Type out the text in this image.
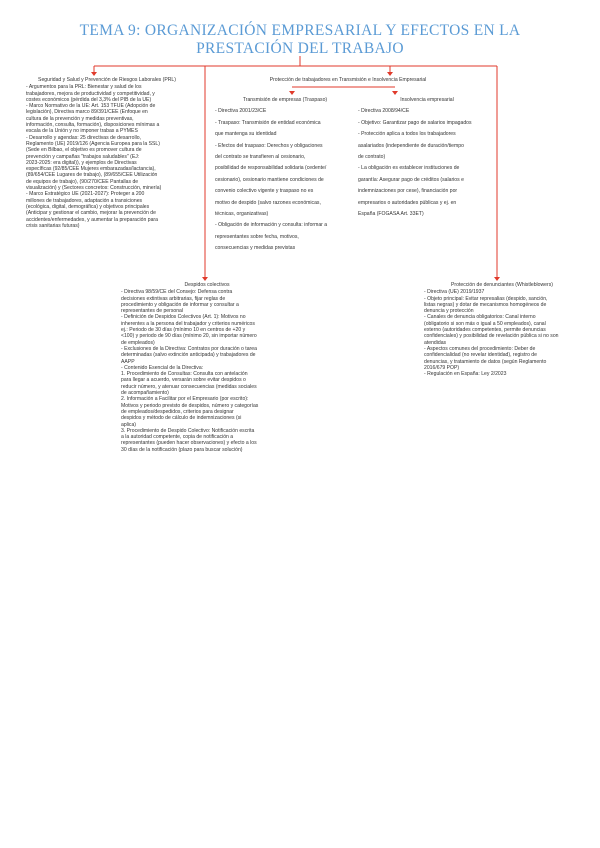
TEMA 9: ORGANIZACIÓN EMPRESARIAL Y EFECTOS EN LA
PRESTACIÓN DEL TRABAJO
Seguridad y Salud y Prevención de Riesgos Laborales (PRL)

- Argumentos para la PRL: Bienestar y salud de los

trabajadores, mejora de productividad y competitividad, y

costes económicos (pérdida del 3,3% del PIB de la UE)

- Marco Normativo de la UE: Art. 153 TFUE (Adopción de

legislación), Directiva marco 89/391/CEE (Enfoque en

cultura de la prevención y medidas preventivas,

información, consulta, formación), disposiciones mínimas a

escala de la Unión y no imponer trabas a PYMES

- Desarrollo y agendas: 25 directivas de desarrollo,

Reglamento (UE) 2019/126 (Agencia Europea para la SSL)

(Sede en Bilbao, el objetivo es promover cultura de

prevención y campañas "trabajos saludables" (EJ:

2023-2025: era digital)), y ejemplos de Directivas

específicas (92/85/CEE Mujeres embarazadas/lactancia),

(89/654/CEE Lugares de trabajo), (89/655/CEE Utilización

de equipos de trabajo), (90/270/CEE Pantallas de

visualización) y (Sectores concretos: Construcción, minería)

- Marco Estratégico UE (2021-2027): Proteger a 200

millones de trabajadores, adaptación a transiciones

(ecológica, digital, demográfica) y objetivos principales

(Anticipar y gestionar el cambio, mejorar la prevención de

accidentes/enfermedades, y aumentar la preparación para

crisis sanitarias futuras)

Protección de trabajadores en Transmisión e Insolvencia Empresarial
Transmisión de empresas (Traspaso)

- Directiva 2001/23/CE

- Traspaso: Transmisión de entidad económica

que mantenga su identidad

- Efectos del traspaso: Derechos y obligaciones

del contrato se transfieren al cesionario,

posibilidad de responsabilidad solidaria (cedente/

cesionario), cesionario mantiene condiciones de

convenio colectivo vigente y traspaso no es

motivo de despido (salvo razones económicas,

técnicas, organizativas)

- Obligación de información y consulta: informar a

representantes sobre fecha, motivos,

consecuencias y medidas previstas

Insolvencia empresarial

- Directiva 2008/94/CE

- Objetivo: Garantizar pago de salarios impagados

- Protección aplica a todos los trabajadores

asalariados (independiente de duración/tiempo

de contrato)

- La obligación es establecer instituciones de

garantía: Asegurar pago de créditos (salarios e

indemnizaciones por cese), financiación por

empresarios o autoridades públicas y ej. en

España (FOGASA Art. 33ET)

Despidos colectivos

- Directiva 98/59/CE del Consejo: Defensa contra

decisiones extintivas arbitrarias, fijar reglas de

procedimiento y obligación de informar y consultar a

representantes de personal

- Definición de Despidos Colectivos (Art. 1): Motivos no

inherentes a la persona del trabajador y criterios numéricos

ej.: Periodo de 30 días (mínimo 10 en centros de +20 y

<100) y periodo de 90 días (mínimo 20, sin importar número

de empleados)

- Exclusiones de la Directiva: Contratos por duración o tarea

determinadas (salvo extinción anticipada) y trabajadores de

AAPP

- Contenido Esencial de la Directiva:

1. Procedimiento de Consultas: Consulta con antelación

para llegar a acuerdo, versarán sobre evitar despidos o

reducir número, y atenuar consecuencias (medidas sociales

de acompañamiento)

2. Información a Facilitar por el Empresario (por escrito):

Motivos y periodo previsto de despidos, número y categorías

de empleados/despedidos, criterios para designar

despidos y método de cálculo de indemnizaciones (si

aplica)

3. Procedimiento de Despido Colectivo: Notificación escrita

a la autoridad competente, copia de notificación a

representantes (pueden hacer observaciones) y efecto a los

30 días de la notificación (plazo para buscar solución)

Protección de denunciantes (Whistleblowers)

- Directiva (UE) 2019/1937

- Objeto principal: Evitar represalias (despido, sanción,

listas negras) y dotar de mecanismos homogéneos de

denuncia y protección

- Canales de denuncia obligatorios: Canal interno

(obligatorio si son más o igual a 50 empleados), canal

externo (autoridades competentes, permite denuncias

confidenciales) y posibilidad de revelación pública si no son

atendidas

- Aspectos comunes del procedimiento: Deber de

confidencialidad (no revelar identidad), registro de

denuncias, y tratamiento de datos (según Reglamento

2016/679 POP)

- Regulación en España: Ley 2/2023
